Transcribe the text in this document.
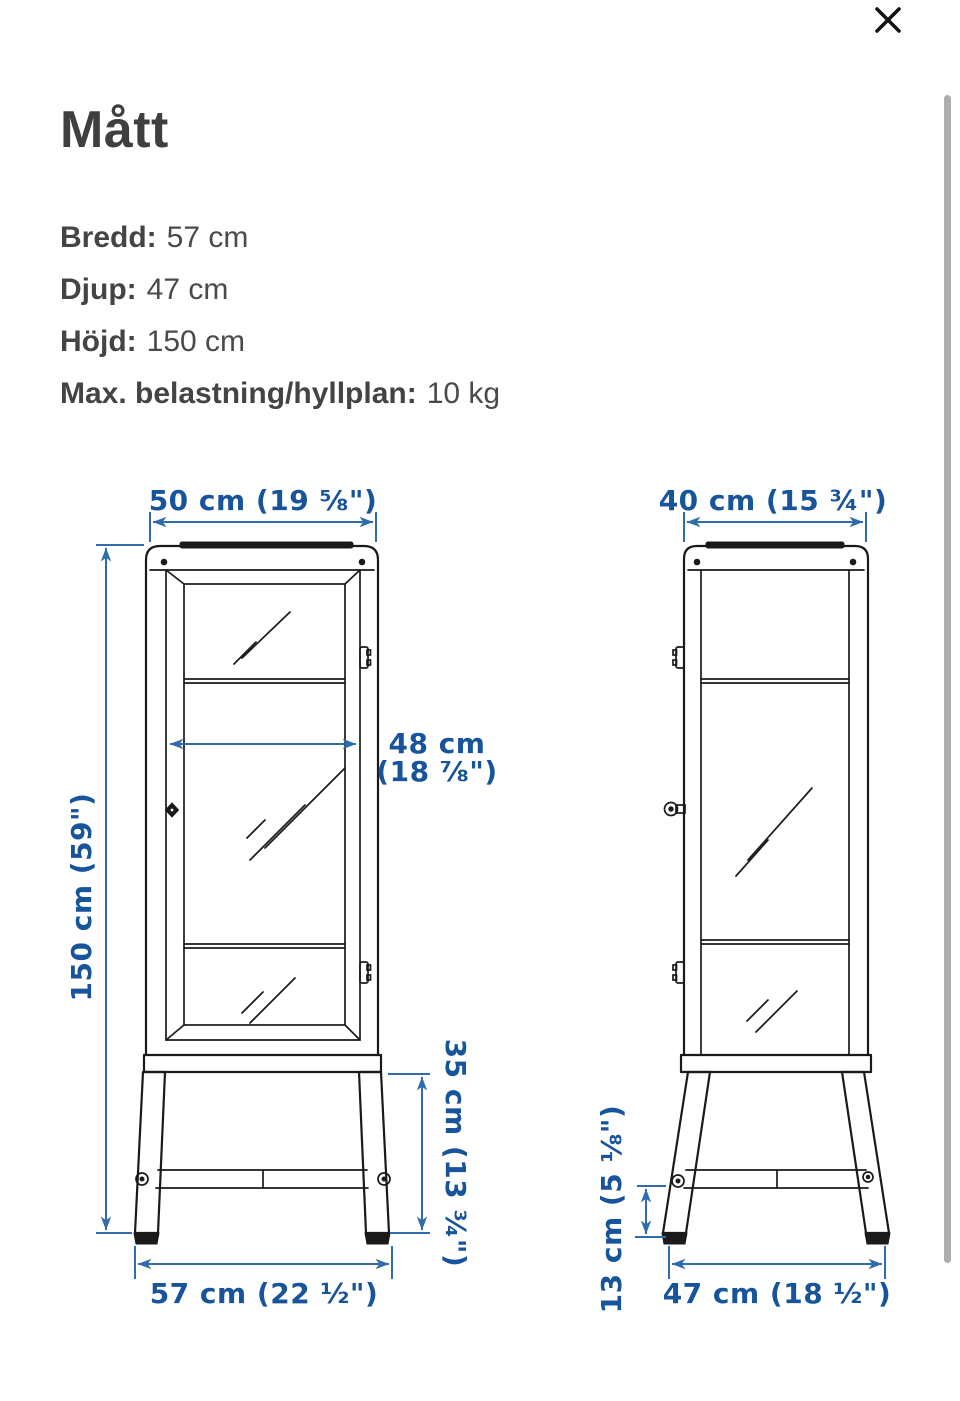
Mått
Bredd: 57 cm
Djup: 47 cm
Höjd: 150 cm
Max. belastning/hyllplan: 10 kg
50 cm (19 ⅝")
150 cm (59")
48 cm
(18 ⅞")
35 cm (13 ¾")
57 cm (22 ½")
40 cm (15 ¾")
13 cm (5 ⅛") 47 cm (18 ½")
